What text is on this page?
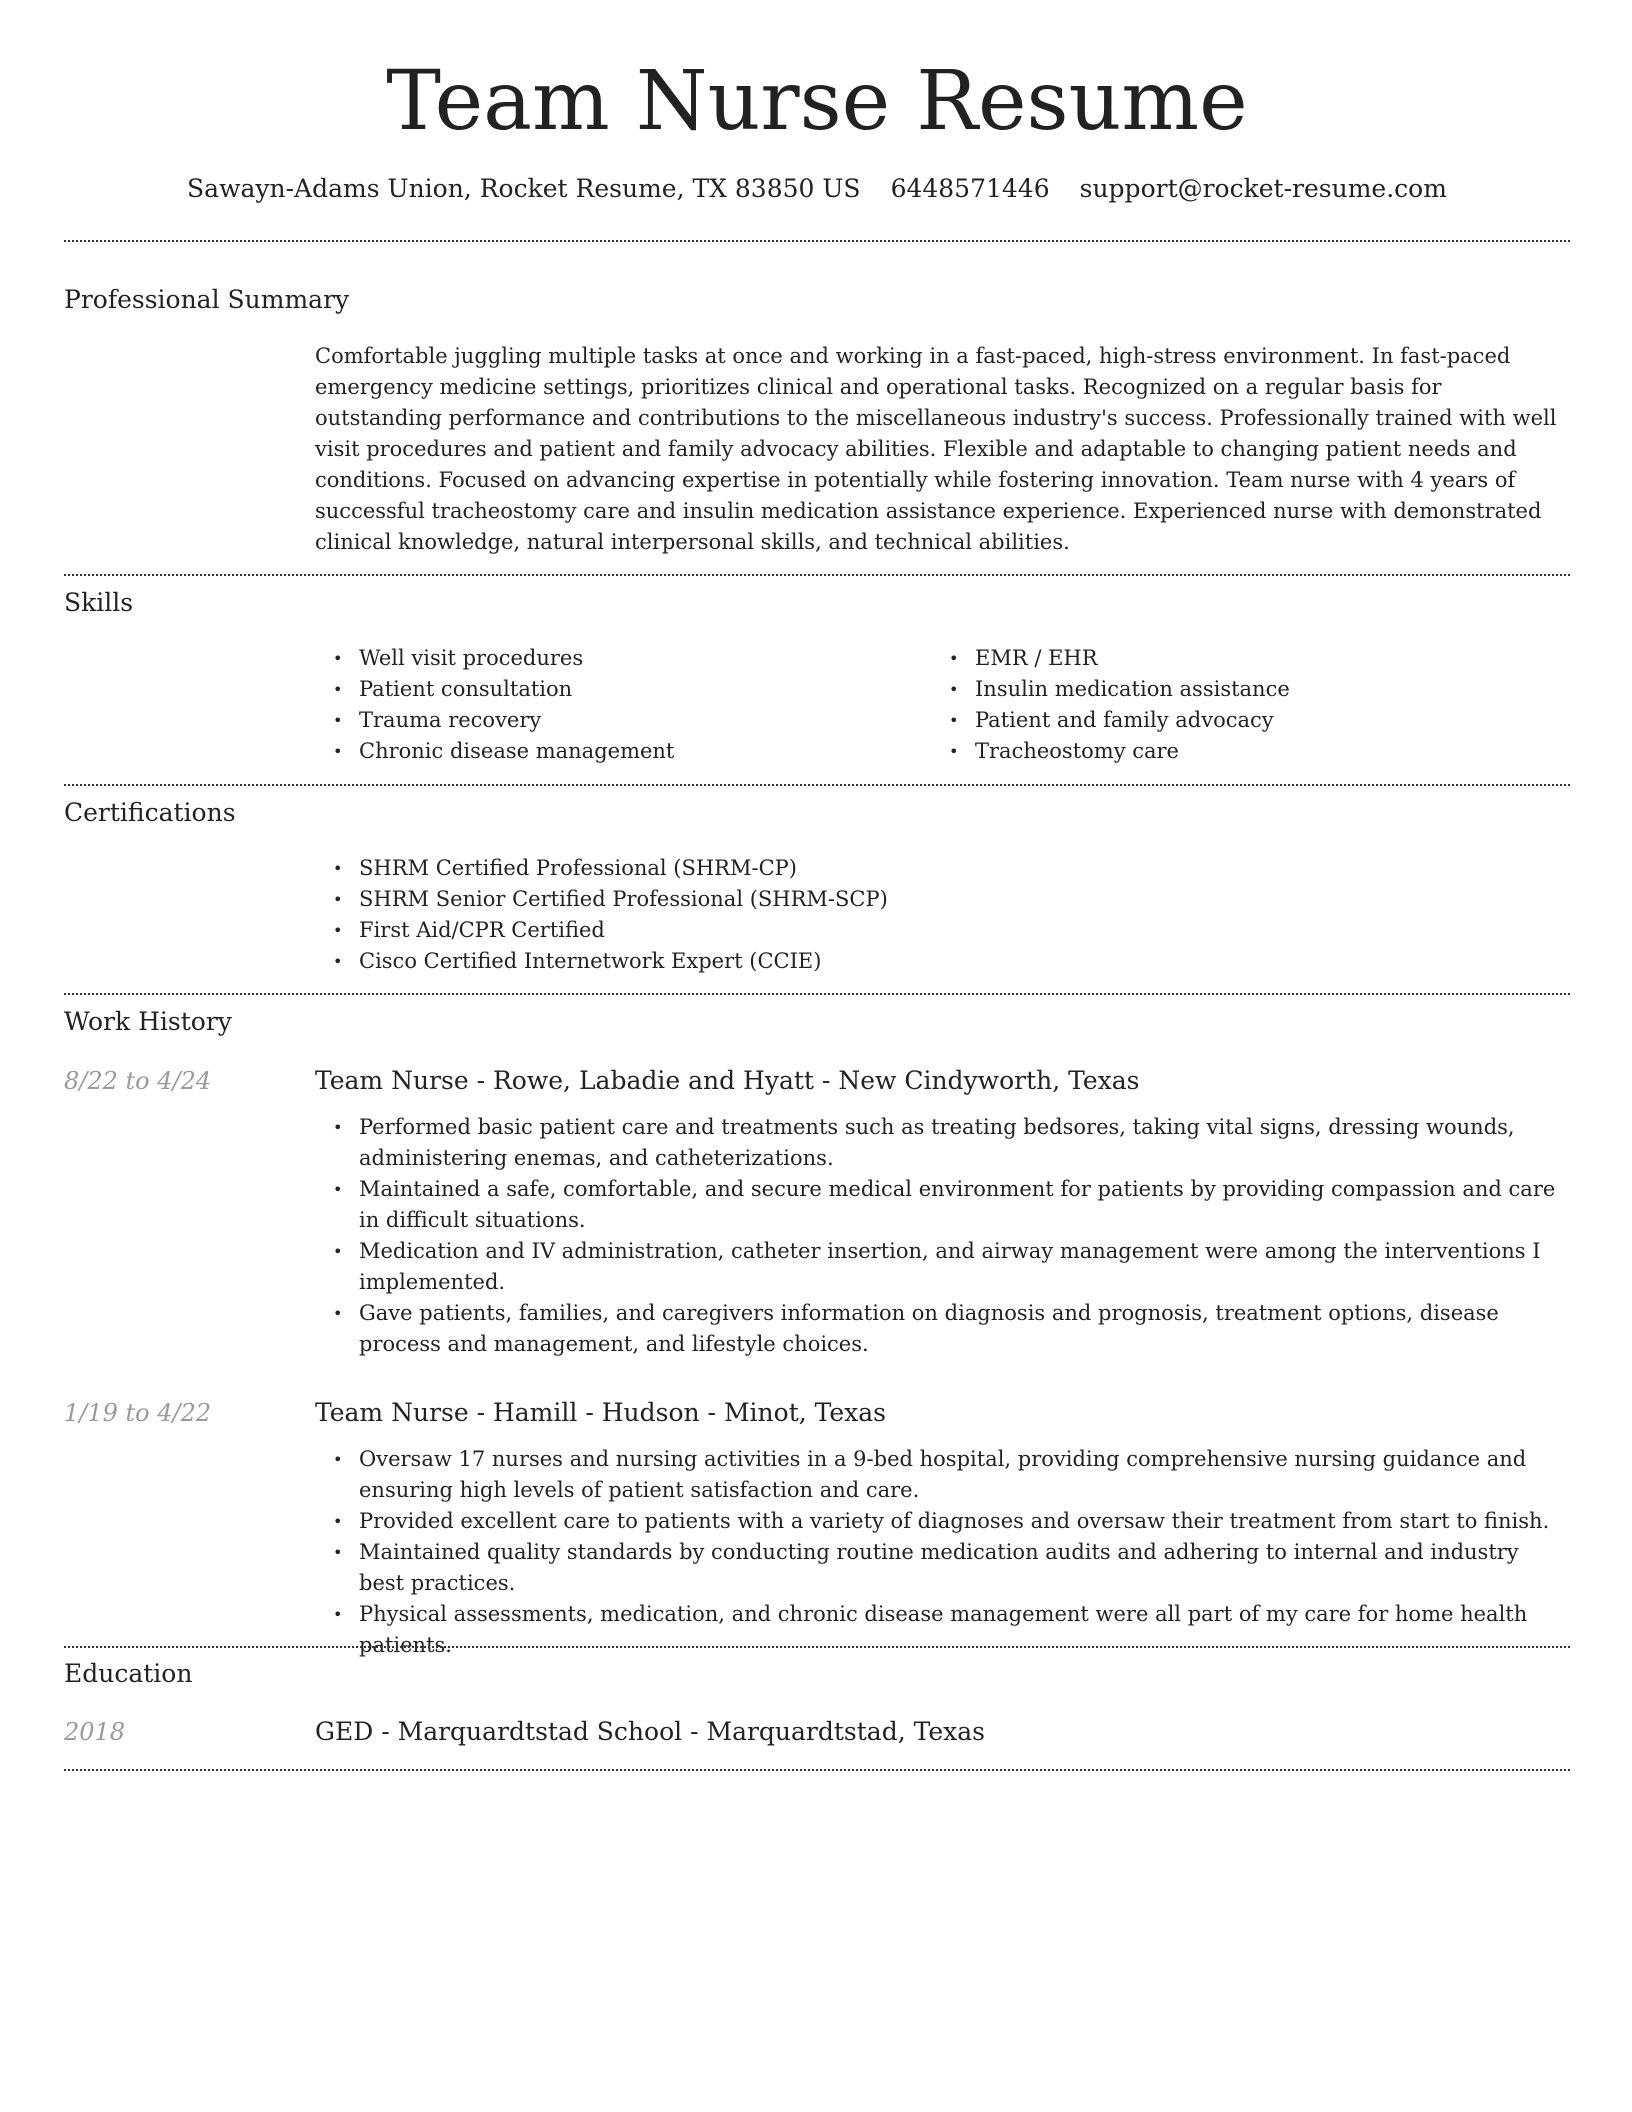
Team Nurse Resume
Sawayn-Adams Union, Rocket Resume, TX 83850 US 6448571446 support@rocket-resume.com
Professional Summary

Comfortable juggling multiple tasks at once and working in a fast-paced, high-stress environment. In fast-paced emergency medicine settings, prioritizes clinical and operational tasks. Recognized on a regular basis for outstanding performance and contributions to the miscellaneous industry's success. Professionally trained with well visit procedures and patient and family advocacy abilities. Flexible and adaptable to changing patient needs and conditions. Focused on advancing expertise in potentially while fostering innovation. Team nurse with 4 years of successful tracheostomy care and insulin medication assistance experience. Experienced nurse with demonstrated clinical knowledge, natural interpersonal skills, and technical abilities.

Skills
• Well visit procedures
• Patient consultation
• Trauma recovery
• Chronic disease management
• EMR / EHR
• Insulin medication assistance
• Patient and family advocacy
• Tracheostomy care
Certifications
• SHRM Certified Professional (SHRM-CP)
• SHRM Senior Certified Professional (SHRM-SCP)
• First Aid/CPR Certified
• Cisco Certified Internetwork Expert (CCIE)
Work History
8/22 to 4/24	Team Nurse - Rowe, Labadie and Hyatt - New Cindyworth, Texas

• Performed basic patient care and treatments such as treating bedsores, taking vital signs, dressing wounds, administering enemas, and catheterizations.
• Maintained a safe, comfortable, and secure medical environment for patients by providing compassion and care in difficult situations.
• Medication and IV administration, catheter insertion, and airway management were among the interventions I implemented.
• Gave patients, families, and caregivers information on diagnosis and prognosis, treatment options, disease process and management, and lifestyle choices.
1/19 to 4/22	Team Nurse - Hamill - Hudson - Minot, Texas

• Oversaw 17 nurses and nursing activities in a 9-bed hospital, providing comprehensive nursing guidance and ensuring high levels of patient satisfaction and care.
• Provided excellent care to patients with a variety of diagnoses and oversaw their treatment from start to finish.
• Maintained quality standards by conducting routine medication audits and adhering to internal and industry best practices.
• Physical assessments, medication, and chronic disease management were all part of my care for home health patients.
Education
2018	GED - Marquardtstad School - Marquardtstad, Texas
